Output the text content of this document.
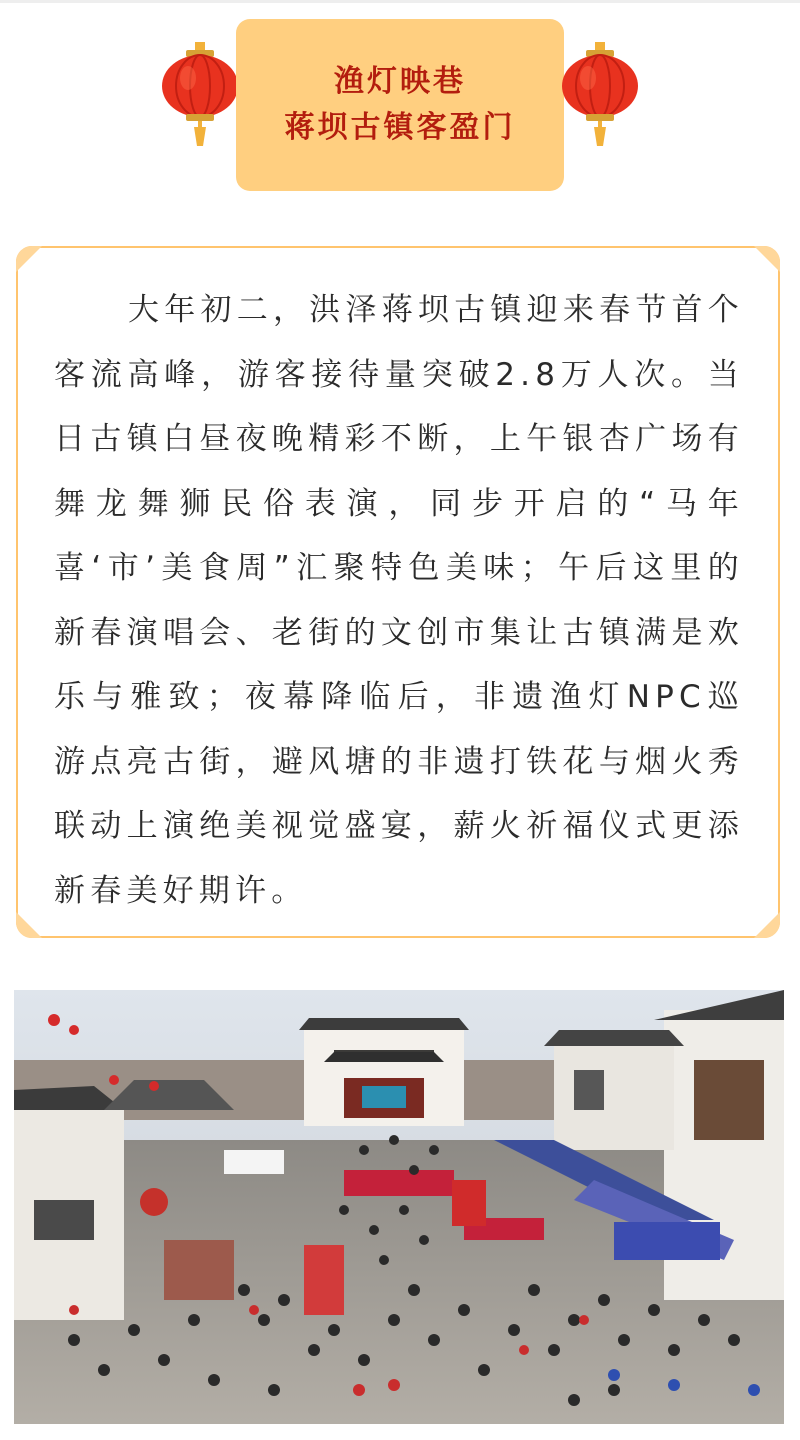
渔灯映巷
蒋坝古镇客盈门

大年初二，洪泽蒋坝古镇迎来春节首个客流高峰，游客接待量突破2.8万人次。当日古镇白昼夜晚精彩不断，上午银杏广场有舞龙舞狮民俗表演，同步开启的“马年喜‘市’美食周”汇聚特色美味；午后这里的新春演唱会、老街的文创市集让古镇满是欢乐与雅致；夜幕降临后，非遗渔灯NPC巡游点亮古街，避风塘的非遗打铁花与烟火秀联动上演绝美视觉盛宴，薪火祈福仪式更添新春美好期许。
